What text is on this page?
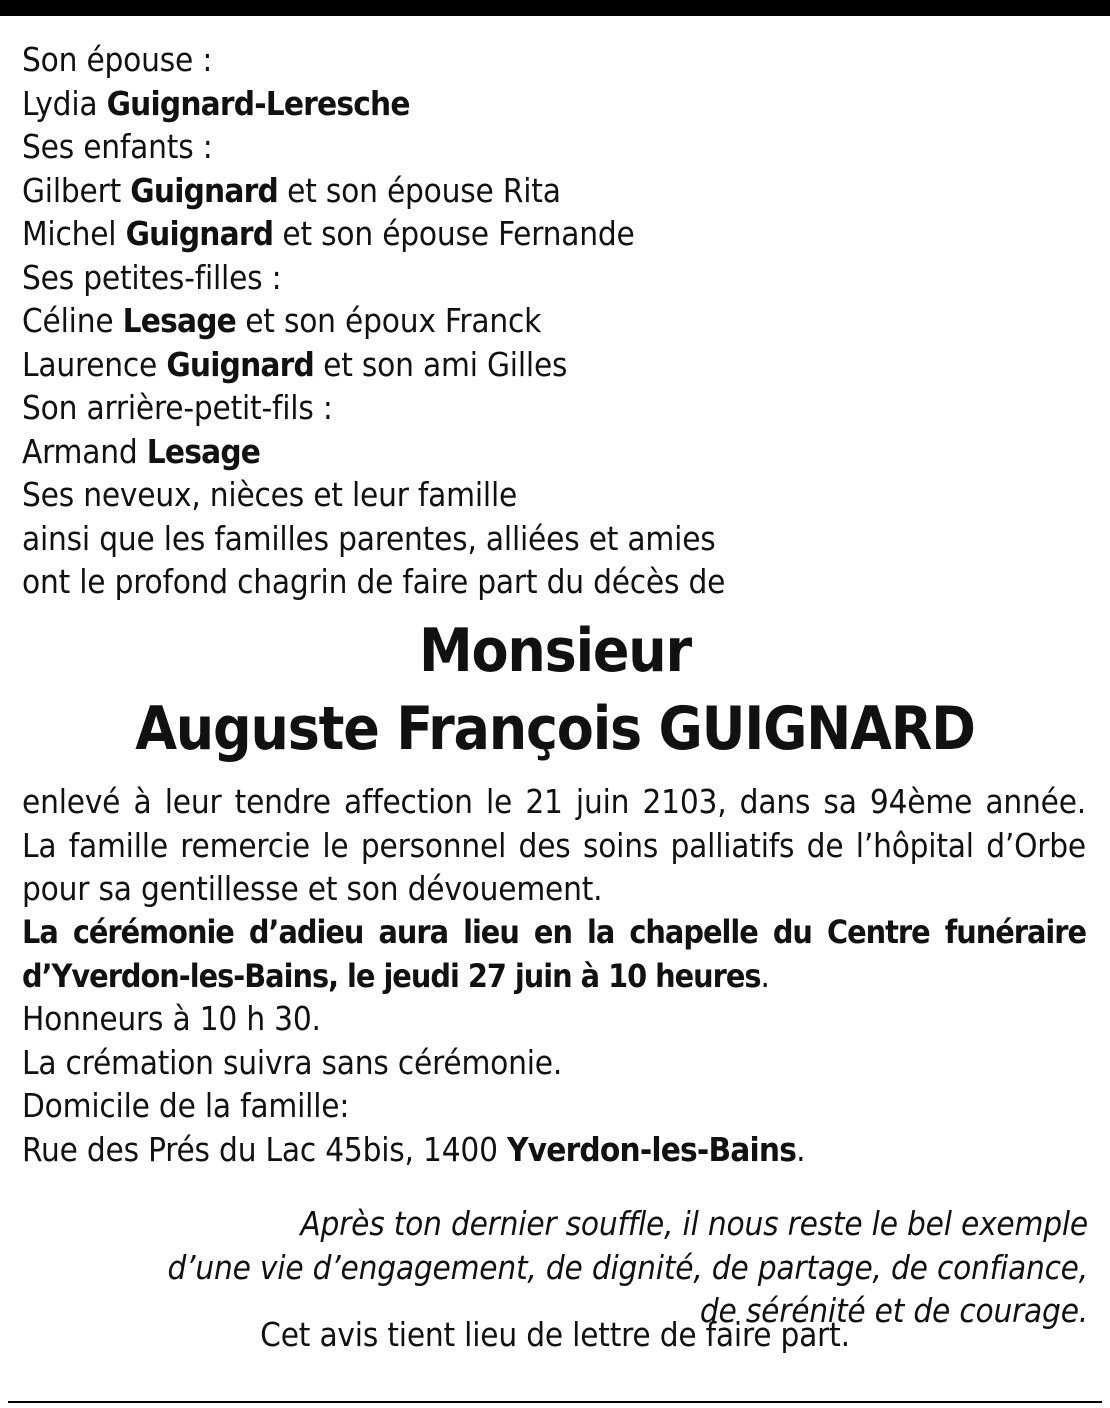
Son épouse :
Lydia Guignard-Leresche
Ses enfants :
Gilbert Guignard et son épouse Rita
Michel Guignard et son épouse Fernande
Ses petites-filles :
Céline Lesage et son époux Franck
Laurence Guignard et son ami Gilles
Son arrière-petit-fils :
Armand Lesage
Ses neveux, nièces et leur famille
ainsi que les familles parentes, alliées et amies
ont le profond chagrin de faire part du décès de
Monsieur
Auguste François GUIGNARD
enlevé à leur tendre affection le 21 juin 2103, dans sa 94ème année.
La famille remercie le personnel des soins palliatifs de l’hôpital d’Orbe
pour sa gentillesse et son dévouement.
La cérémonie d’adieu aura lieu en la chapelle du Centre funéraire
d’Yverdon-les-Bains, le jeudi 27 juin à 10 heures.
Honneurs à 10 h 30.
La crémation suivra sans cérémonie.
Domicile de la famille:
Rue des Prés du Lac 45bis, 1400 Yverdon-les-Bains.
Après ton dernier souffle, il nous reste le bel exemple
d’une vie d’engagement, de dignité, de partage, de confiance,
de sérénité et de courage.
Cet avis tient lieu de lettre de faire part.
